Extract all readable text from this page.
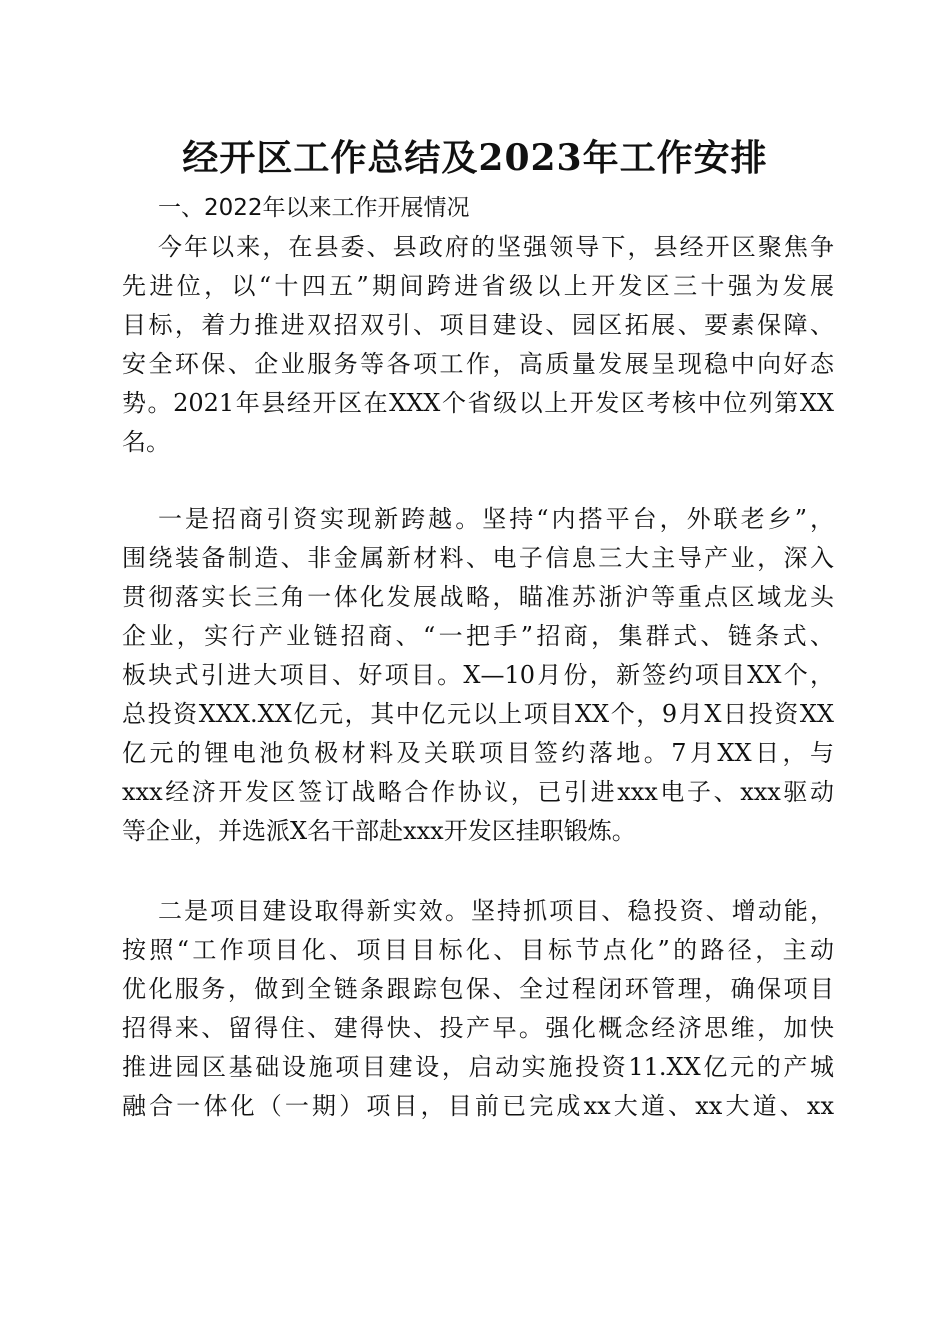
经开区工作总结及2023年工作安排
一、2022年以来工作开展情况
今年以来，在县委、县政府的坚强领导下，县经开区聚焦争
先进位，以“十四五”期间跨进省级以上开发区三十强为发展
目标，着力推进双招双引、项目建设、园区拓展、要素保障、
安全环保、企业服务等各项工作，高质量发展呈现稳中向好态
势。2021年县经开区在XXX个省级以上开发区考核中位列第XX
名。
一是招商引资实现新跨越。坚持“内搭平台，外联老乡”，
围绕装备制造、非金属新材料、电子信息三大主导产业，深入
贯彻落实长三角一体化发展战略，瞄准苏浙沪等重点区域龙头
企业，实行产业链招商、“一把手”招商，集群式、链条式、
板块式引进大项目、好项目。X—10月份，新签约项目XX个，
总投资XXX.XX亿元，其中亿元以上项目XX个，9月X日投资XX
亿元的锂电池负极材料及关联项目签约落地。7月XX日，与
xxx经济开发区签订战略合作协议，已引进xxx电子、xxx驱动
等企业，并选派X名干部赴xxx开发区挂职锻炼。
二是项目建设取得新实效。坚持抓项目、稳投资、增动能，
按照“工作项目化、项目目标化、目标节点化”的路径，主动
优化服务，做到全链条跟踪包保、全过程闭环管理，确保项目
招得来、留得住、建得快、投产早。强化概念经济思维，加快
推进园区基础设施项目建设，启动实施投资11.XX亿元的产城
融合一体化（一期）项目，目前已完成xx大道、xx大道、xx
